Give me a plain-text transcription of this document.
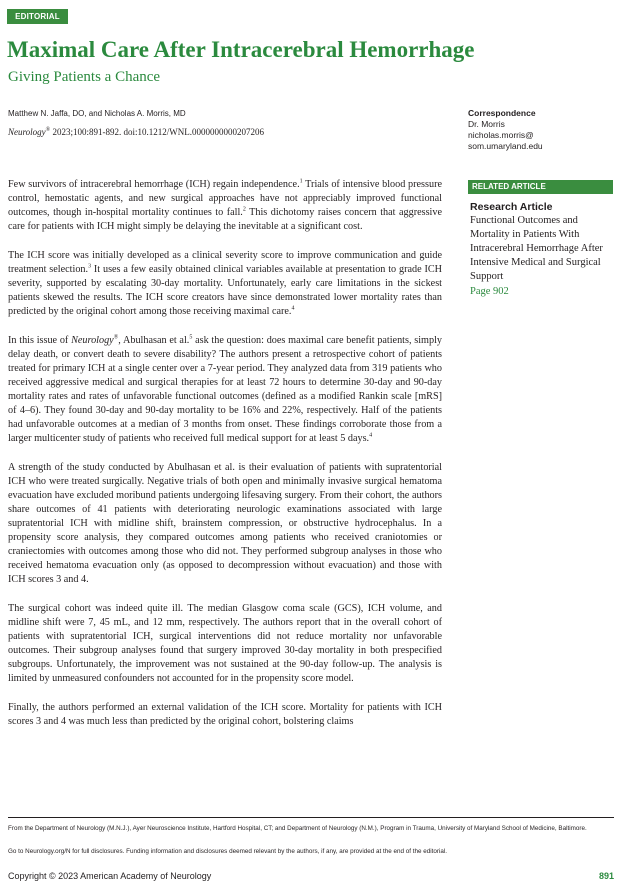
EDITORIAL
Maximal Care After Intracerebral Hemorrhage
Giving Patients a Chance
Matthew N. Jaffa, DO, and Nicholas A. Morris, MD
Neurology® 2023;100:891-892. doi:10.1212/WNL.0000000000207206
Correspondence
Dr. Morris
nicholas.morris@
som.umaryland.edu
RELATED ARTICLE
Research Article
Functional Outcomes and Mortality in Patients With Intracerebral Hemorrhage After Intensive Medical and Surgical Support
Page 902

Few survivors of intracerebral hemorrhage (ICH) regain independence.$^1$ Trials of intensive blood pressure control, hemostatic agents, and new surgical approaches have not appreciably improved functional outcomes, though in-hospital mortality continues to fall.$^2$ This dichotomy raises concern that aggressive care for patients with ICH might simply be delaying the inevitable at a significant cost.

The ICH score was initially developed as a clinical severity score to improve communication and guide treatment selection.$^3$ It uses a few easily obtained clinical variables available at presentation to grade ICH severity, supported by escalating 30-day mortality. Unfortunately, early care limitations in the sickest patients skewed the results. The ICH score creators have since demonstrated lower mortality rates than predicted by the original cohort among those receiving maximal care.$^4$

In this issue of Neurology®, Abulhasan et al.$^5$ ask the question: does maximal care benefit patients, simply delay death, or convert death to severe disability? The authors present a retrospective cohort of patients treated for primary ICH at a single center over a 7-year period. They analyzed data from 319 patients who received aggressive medical and surgical therapies for at least 72 hours to determine 30-day and 90-day mortality rates and rates of unfavorable functional outcomes (defined as a modified Rankin scale [mRS] of 4–6). They found 30-day and 90-day mortality to be 16% and 22%, respectively. Half of the patients had unfavorable outcomes at a median of 3 months from onset. These findings corroborate those from a larger multicenter study of patients who received full medical support for at least 5 days.$^4$

A strength of the study conducted by Abulhasan et al. is their evaluation of patients with supratentorial ICH who were treated surgically. Negative trials of both open and minimally invasive surgical hematoma evacuation have excluded moribund patients undergoing lifesaving surgery. From their cohort, the authors share outcomes of 41 patients with deteriorating neurologic examinations associated with large supratentorial ICH with midline shift, brainstem compression, or obstructive hydrocephalus. In a propensity score analysis, they compared outcomes among patients who received craniotomies or craniectomies with outcomes among those who did not. They performed subgroup analyses in those who received hematoma evacuation only (as opposed to decompression without evacuation) and those with ICH scores 3 and 4.

The surgical cohort was indeed quite ill. The median Glasgow coma scale (GCS), ICH volume, and midline shift were 7, 45 mL, and 12 mm, respectively. The authors report that in the overall cohort of patients with supratentorial ICH, surgical interventions did not reduce mortality nor unfavorable outcomes. Their subgroup analyses found that surgery improved 30-day mortality in both prespecified subgroups. Unfortunately, the improvement was not sustained at the 90-day follow-up. The analysis is limited by unmeasured confounders not accounted for in the propensity score model.

Finally, the authors performed an external validation of the ICH score. Mortality for patients with ICH scores 3 and 4 was much less than predicted by the original cohort, bolstering claims

From the Department of Neurology (M.N.J.), Ayer Neuroscience Institute, Hartford Hospital, CT; and Department of Neurology (N.M.), Program in Trauma, University of Maryland School of Medicine, Baltimore.
Go to Neurology.org/N for full disclosures. Funding information and disclosures deemed relevant by the authors, if any, are provided at the end of the editorial.
Copyright © 2023 American Academy of Neurology	891
